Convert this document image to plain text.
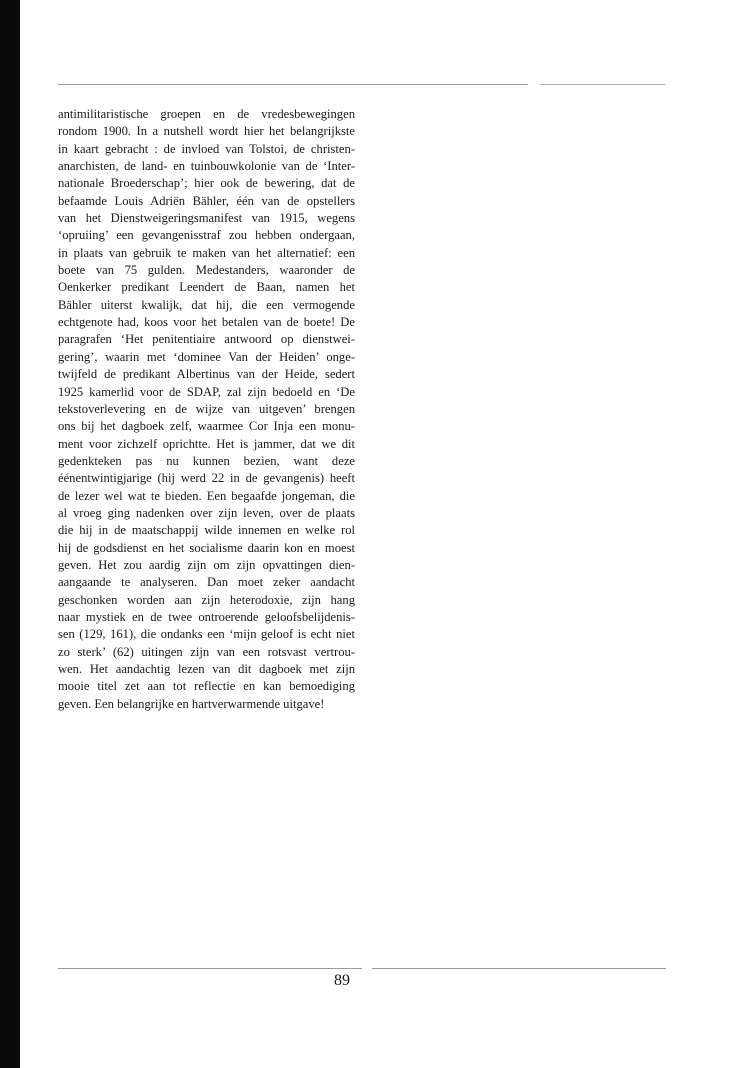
antimilitaristische groepen en de vredesbewegingen
rondom 1900. In a nutshell wordt hier het belangrijkste
in kaart gebracht : de invloed van Tolstoi, de christen-
anarchisten, de land- en tuinbouwkolonie van de ‘Inter-
nationale Broederschap’; hier ook de bewering, dat de
befaamde Louis Adriën Bähler, één van de opstellers
van het Dienstweigeringsmanifest van 1915, wegens
‘opruiing’ een gevangenisstraf zou hebben ondergaan,
in plaats van gebruik te maken van het alternatief: een
boete van 75 gulden. Medestanders, waaronder de
Oenkerker predikant Leendert de Baan, namen het
Bähler uiterst kwalijk, dat hij, die een vermogende
echtgenote had, koos voor het betalen van de boete! De
paragrafen ‘Het penitentiaire antwoord op dienstwei-
gering’, waarin met ‘dominee Van der Heiden’ onge-
twijfeld de predikant Albertinus van der Heide, sedert
1925 kamerlid voor de SDAP, zal zijn bedoeld en ‘De
tekstoverlevering en de wijze van uitgeven’ brengen
ons bij het dagboek zelf, waarmee Cor Inja een monu-
ment voor zichzelf oprichtte. Het is jammer, dat we dit
gedenkteken pas nu kunnen bezien, want deze
éénentwintigjarige (hij werd 22 in de gevangenis) heeft
de lezer wel wat te bieden. Een begaafde jongeman, die
al vroeg ging nadenken over zijn leven, over de plaats
die hij in de maatschappij wilde innemen en welke rol
hij de godsdienst en het socialisme daarin kon en moest
geven. Het zou aardig zijn om zijn opvattingen dien-
aangaande te analyseren. Dan moet zeker aandacht
geschonken worden aan zijn heterodoxie, zijn hang
naar mystiek en de twee ontroerende geloofsbelijdenis-
sen (129, 161), die ondanks een ‘mijn geloof is echt niet
zo sterk’ (62) uitingen zijn van een rotsvast vertrou-
wen. Het aandachtig lezen van dit dagboek met zijn
mooie titel zet aan tot reflectie en kan bemoediging
geven. Een belangrijke en hartverwarmende uitgave!
89
